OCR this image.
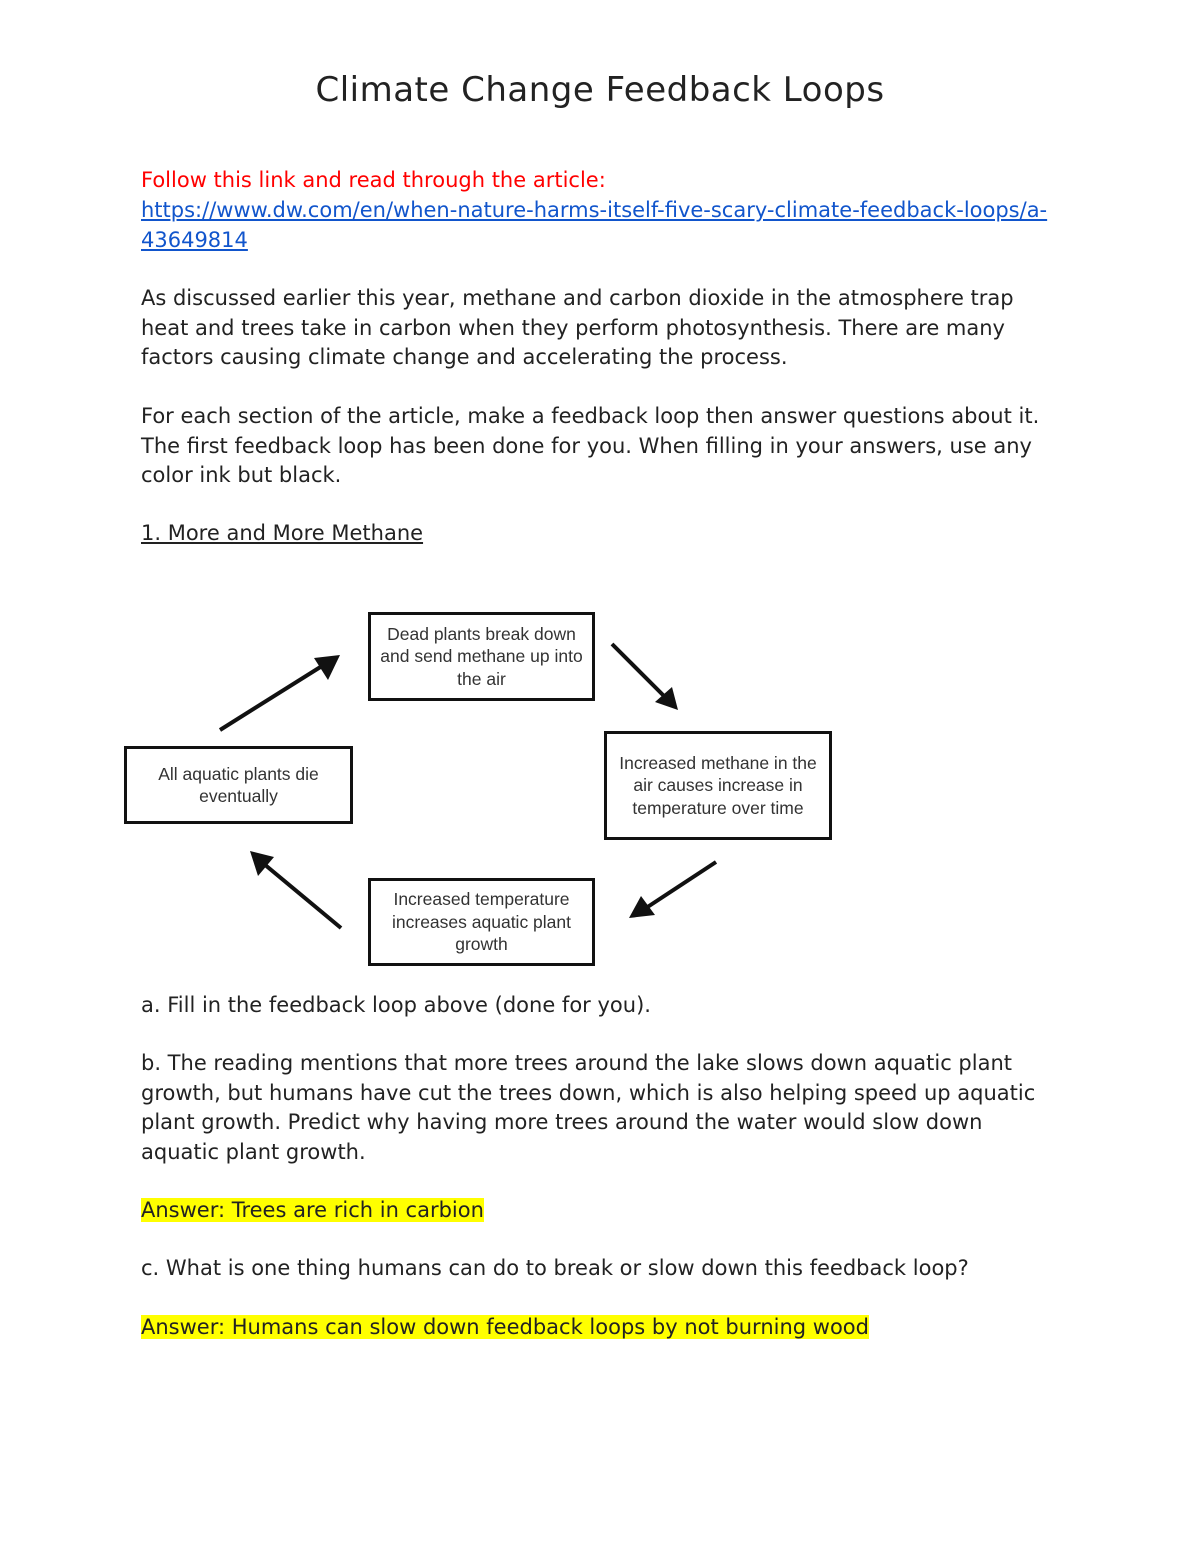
Climate Change Feedback Loops
Follow this link and read through the article:
https://www.dw.com/en/when-nature-harms-itself-five-scary-climate-feedback-loops/a-43649814
As discussed earlier this year, methane and carbon dioxide in the atmosphere trap heat and trees take in carbon when they perform photosynthesis. There are many factors causing climate change and accelerating the process.
For each section of the article, make a feedback loop then answer questions about it. The first feedback loop has been done for you. When filling in your answers, use any color ink but black.
1. More and More Methane
Dead plants break down and send methane up into the air
Increased methane in the air causes increase in temperature over time
Increased temperature increases aquatic plant growth
All aquatic plants die eventually
a. Fill in the feedback loop above (done for you).
b. The reading mentions that more trees around the lake slows down aquatic plant growth, but humans have cut the trees down, which is also helping speed up aquatic plant growth. Predict why having more trees around the water would slow down aquatic plant growth.
Answer: Trees are rich in carbion
c. What is one thing humans can do to break or slow down this feedback loop?
Answer: Humans can slow down feedback loops by not burning wood
